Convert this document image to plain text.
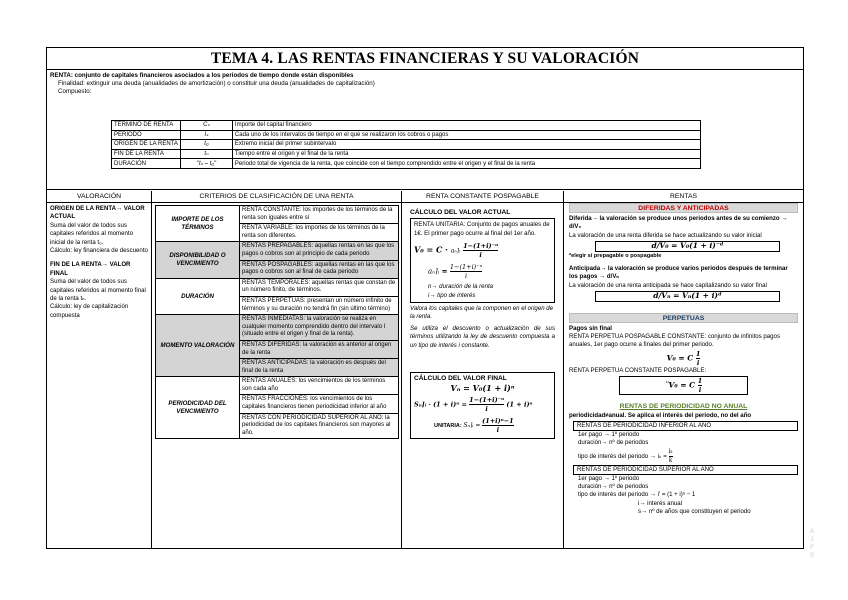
TEMA 4. LAS RENTAS FINANCIERAS Y SU VALORACIÓN
RENTA: conjunto de capitales financieros asociados a los periodos de tiempo donde están disponibles
Finalidad: extinguir una deuda (anualidades de amortización) o constituir una deuda (anualidades de capitalización)
Compuesto:
TÉRMINO DE RENTA	Cₛ	Importe del capital financiero
PERIODO	Iₛ	Cada uno de los intervalos de tiempo en el que se realizaron los cobros o pagos
ORIGEN DE LA RENTA	t₀	Extremo inicial del primer subintervalo
FIN DE LA RENTA	tₙ	Tiempo entre el origen y el final de la renta
DURACIÓN	"tₙ – t₀"	Periodo total de vigencia de la renta, que coincide con el tiempo comprendido entre el origen y el final de la renta
VALORACIÓN
ORIGEN DE LA RENTA→ VALOR ACTUAL
Suma del valor de todos sus capitales referidos al momento inicial de la renta t₀.
Cálculo: ley financiera de descuento
FIN DE LA RENTA→ VALOR FINAL
Suma del valor de todos sus capitales referidos al momento final de la renta tₙ.
Cálculo: ley de capitalización compuesta
CRITERIOS DE CLASIFICACIÓN DE UNA RENTA
IMPORTE DE LOS TÉRMINOS	RENTA CONSTANTE: los importes de los términos de la renta son iguales entre sí
	RENTA VARIABLE: los importes de los términos de la renta son diferentes.
DISPONIBILIDAD O VENCIMIENTO	RENTAS PREPAGABLES: aquellas rentas en las que los pagos o cobros son al principio de cada periodo
	RENTAS POSPAGABLES: aquellas rentas en las que los pagos o cobros son al final de cada periodo
DURACIÓN	RENTAS TEMPORALES: aquellas rentas que constan de un número finito, de términos.
	RENTAS PERPETUAS: presentan un número infinito de términos y su duración no tendrá fin (sin último término)
MOMENTO VALORACIÓN	RENTAS INMEDIATAS: la valoración se realiza en cualquier momento comprendido dentro del intervalo I (situado entre el origen y final de la renta).
	RENTAS DIFERIDAS: la valoración es anterior al origen de la renta
	RENTAS ANTICIPADAS: la valoración es después del final de la renta
PERIODICIDAD DEL VENCIMIENTO	RENTAS ANUALES: los vencimientos de los términos son cada año
	RENTAS FRACCIONES: los vencimientos de los capitales financieros tienen periodicidad inferior al año
	RENTAS CON PERIODICIDAD SUPERIOR AL AÑO: la periodicidad de los capitales financieros son mayores al año.
RENTA CONSTANTE POSPAGABLE
CÁLCULO DEL VALOR ACTUAL
RENTA UNITARIA: Conjunto de pagos anuales de 1€. El primer pago ocurre al final del 1er año.
V₀ = C · aₙ⌉ᵢ $\frac{\text{1−(1+i)⁻ⁿ}}{i}$
aₙ⌉ᵢ = $\frac{\text{1−(1+i)⁻ⁿ}}{i}$
n→ duración de la renta
i→ tipo de interés
Valora los capitales que la componen en el origen de la renta.
Se utiliza el descuento o actualización de sus términos utilizando la ley de descuento compuesta a un tipo de interés i constante.
CÁLCULO DEL VALOR FINAL
Vₙ = V₀(1 + i)ⁿ
Sₙ⌉ᵢ · $(1 + i)^n = \frac{\text{1−(1+i)⁻ⁿ}}{i} (1 + i)^n$
UNITARIA: Sₙ⌉ᵢ = $\frac{\text{(1+i)ⁿ−1}}{i}$
RENTAS
DIFERIDAS Y ANTICIPADAS
Diferida→ la valoración se produce unos periodos antes de su comienzo → d/V₀
La valoración de una renta diferida se hace actualizando su valor inicial
d/V₀ = V₀(1 + i)⁻ᵈ
*elegir si prepagable o pospagable
Anticipada→ la valoración se produce varios periodos después de terminar los pagos → d/Vₙ
La valoración de una renta anticipada se hace capitalizando su valor final
d/Vₙ = Vₙ(1 + i)ᵈ
PERPETUAS
Pagos sin final
RENTA PERPETUA POSPAGABLE CONSTANTE: conjunto de infinitos pagos anuales, 1er pago ocurre a finales del primer periodo.
V₀ = C $\frac{1}{i}$
RENTA PERPETUA CONSTANTE POSPAGABLE:
¨V₀ = C $\frac{1}{i}$
RENTAS DE PERIODICIDAD NO ANUAL
periodicidad≠anual. Se aplica el interés del periodo, no del año
RENTAS DE PERIODICIDAD INFERIOR AL AÑO
1er pago → 1º periodo
duración→ nº de periodos
tipo de interés del periodo → $i_k = \frac{\text{iₖ}}{k}$
RENTAS DE PERIODICIDAD SUPERIOR AL AÑO
1er pago → 1º periodo
duración→ nº de periodos
tipo de interés del periodo → i' = (1 + i)ˢ − 1
i→ interés anual
s→ nº de años que constituyen el periodo
A J F S
